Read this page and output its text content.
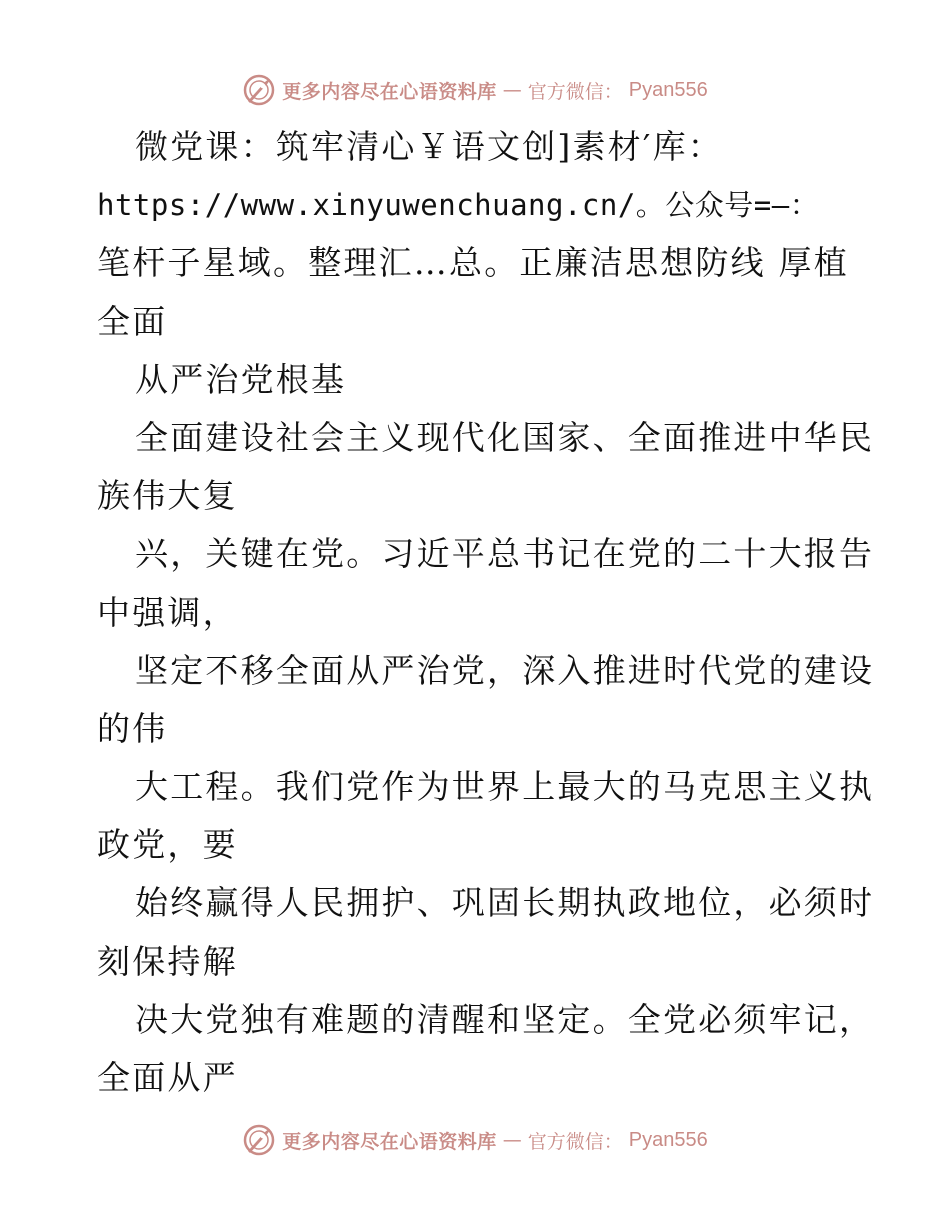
更多内容尽在心语资料库 — 官方微信： Pyan556
微党课：筑牢清心￥语文创]素材′库：
https://www.xinyuwenchuang.cn/。公众号=—：
笔杆子星域。整理汇…总。正廉洁思想防线 厚植
全面
从严治党根基
全面建设社会主义现代化国家、全面推进中华民
族伟大复
兴，关键在党。习近平总书记在党的二十大报告
中强调，
坚定不移全面从严治党，深入推进时代党的建设
的伟
大工程。我们党作为世界上最大的马克思主义执
政党，要
始终赢得人民拥护、巩固长期执政地位，必须时
刻保持解
决大党独有难题的清醒和坚定。全党必须牢记，
全面从严
更多内容尽在心语资料库 — 官方微信： Pyan556
